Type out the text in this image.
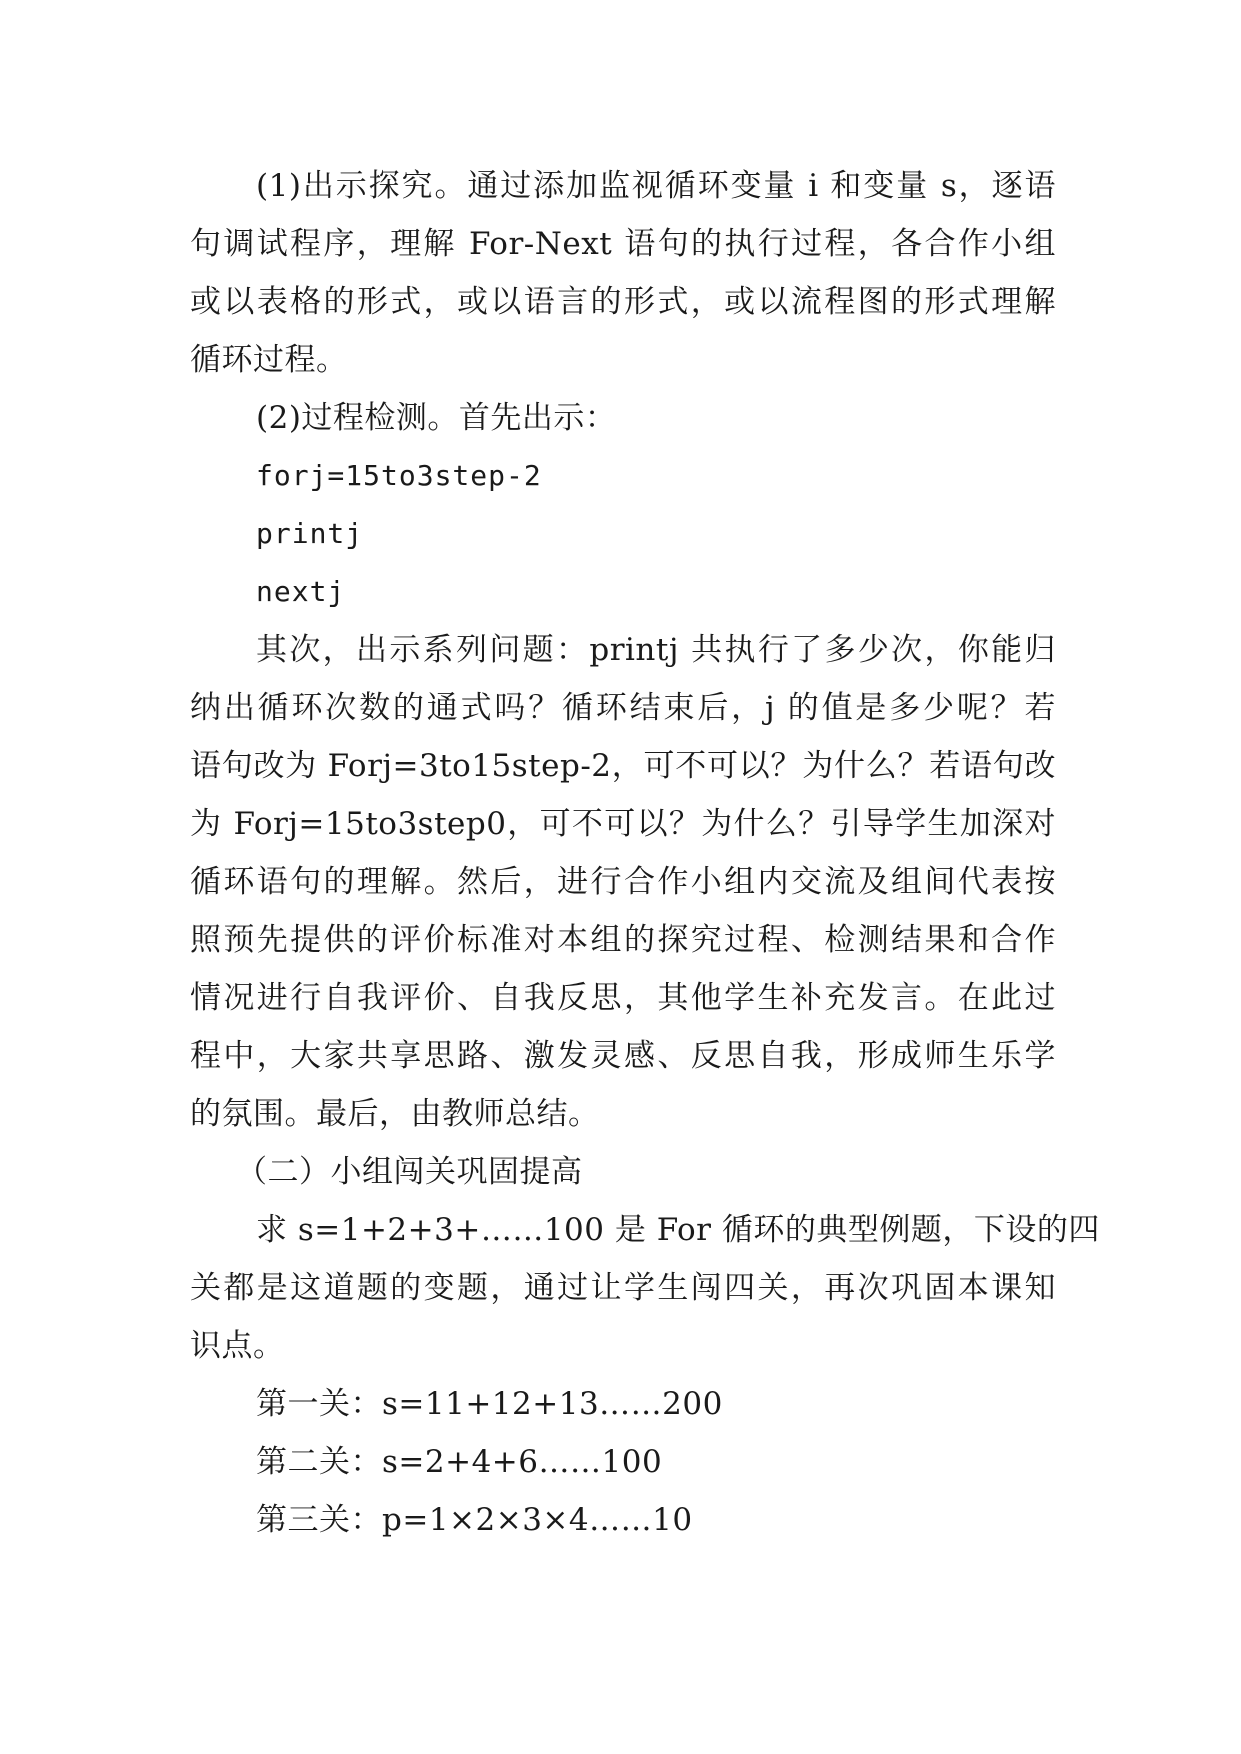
(1)出示探究。通过添加监视循环变量 i 和变量 s，逐语
句调试程序，理解 For-Next 语句的执行过程，各合作小组
或以表格的形式，或以语言的形式，或以流程图的形式理解
循环过程。
(2)过程检测。首先出示：
forj=15to3step-2
printj
nextj
其次，出示系列问题：printj 共执行了多少次，你能归
纳出循环次数的通式吗？循环结束后，j 的值是多少呢？若
语句改为 Forj=3to15step-2，可不可以？为什么？若语句改
为 Forj=15to3step0，可不可以？为什么？引导学生加深对
循环语句的理解。然后，进行合作小组内交流及组间代表按
照预先提供的评价标准对本组的探究过程、检测结果和合作
情况进行自我评价、自我反思，其他学生补充发言。在此过
程中，大家共享思路、激发灵感、反思自我，形成师生乐学
的氛围。最后，由教师总结。
（二）小组闯关巩固提高
求 s=1+2+3+……100 是 For 循环的典型例题，下设的四
关都是这道题的变题，通过让学生闯四关，再次巩固本课知
识点。
第一关：s=11+12+13……200
第二关：s=2+4+6……100
第三关：p=1×2×3×4……10
